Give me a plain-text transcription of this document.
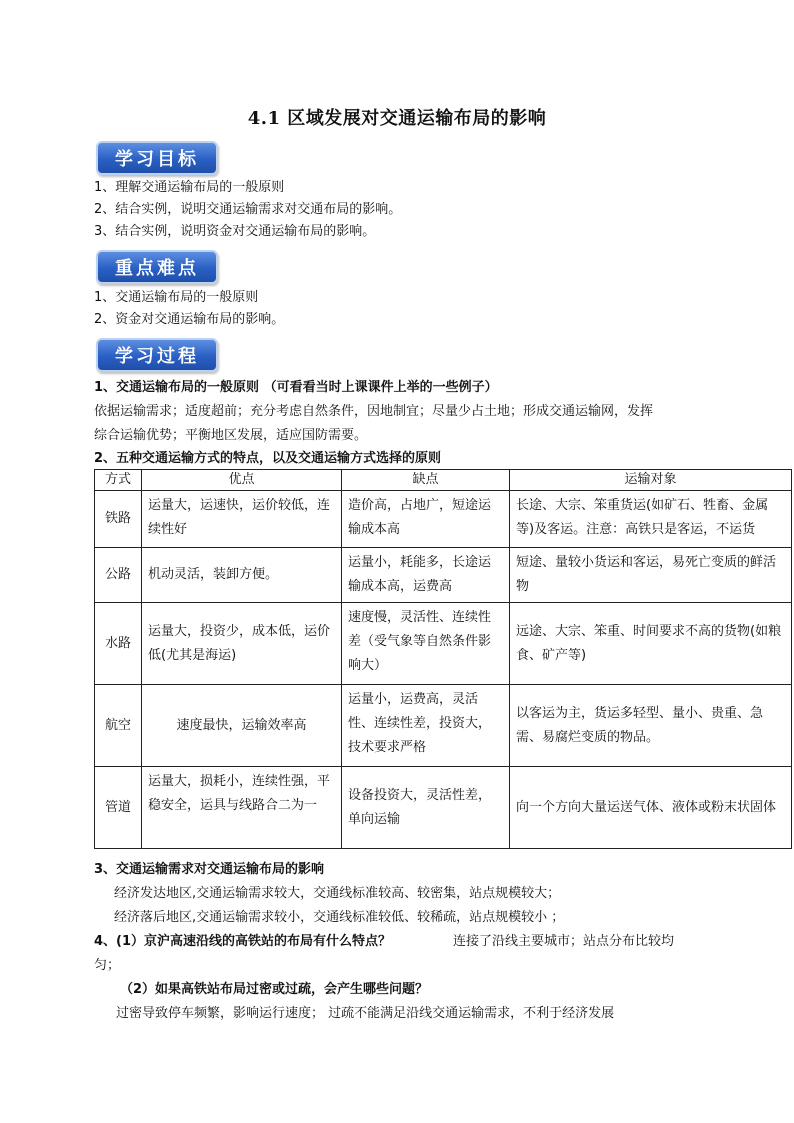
4.1 区域发展对交通运输布局的影响
学习目标
1、理解交通运输布局的一般原则
2、结合实例，说明交通运输需求对交通布局的影响。
3、结合实例，说明资金对交通运输布局的影响。
重点难点
1、交通运输布局的一般原则
2、资金对交通运输布局的影响。
学习过程
1、交通运输布局的一般原则 （可看看当时上课课件上举的一些例子）
依据运输需求；适度超前；充分考虑自然条件，因地制宜；尽量少占土地；形成交通运输网，发挥
综合运输优势；平衡地区发展，适应国防需要。
2、五种交通运输方式的特点，以及交通运输方式选择的原则
方式	优点	缺点	运输对象
铁路	运量大，运速快，运价较低，连续性好	造价高，占地广，短途运输成本高	长途、大宗、笨重货运(如矿石、牲畜、金属等)及客运。注意：高铁只是客运，不运货
公路	机动灵活，装卸方便。	运量小，耗能多，长途运输成本高，运费高	短途、量较小货运和客运，易死亡变质的鲜活物
水路	运量大，投资少，成本低，运价低(尤其是海运)	速度慢，灵活性、连续性差（受气象等自然条件影响大）	远途、大宗、笨重、时间要求不高的货物(如粮食、矿产等)
航空	速度最快，运输效率高	运量小，运费高，灵活性、连续性差，投资大，技术要求严格	以客运为主，货运多轻型、量小、贵重、急需、易腐烂变质的物品。
管道	运量大，损耗小，连续性强，平稳安全，运具与线路合二为一	设备投资大，灵活性差，单向运输	向一个方向大量运送气体、液体或粉末状固体
3、交通运输需求对交通运输布局的影响
经济发达地区,交通运输需求较大，交通线标准较高、较密集，站点规模较大；
经济落后地区,交通运输需求较小，交通线标准较低、较稀疏，站点规模较小 ；
4、(1）京沪高速沿线的高铁站的布局有什么特点？	连接了沿线主要城市；站点分布比较均
匀；
（2）如果高铁站布局过密或过疏，会产生哪些问题？
过密导致停车频繁，影响运行速度； 过疏不能满足沿线交通运输需求，不利于经济发展
